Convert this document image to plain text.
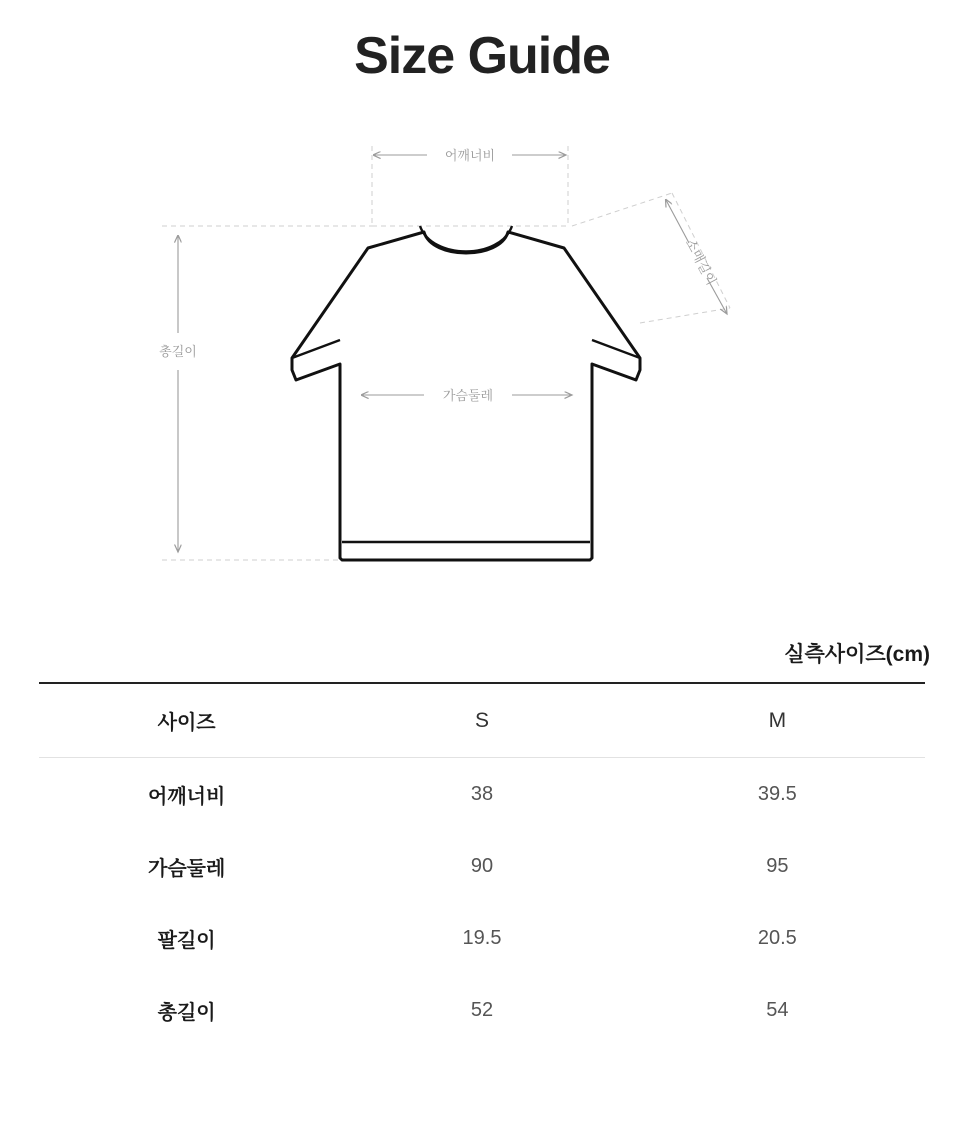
Size Guide
어깨너비
가슴둘레
소매길이
총길이
실측사이즈(cm)
사이즈	S	M
어깨너비	38	39.5
가슴둘레	90	95
팔길이	19.5	20.5
총길이	52	54
